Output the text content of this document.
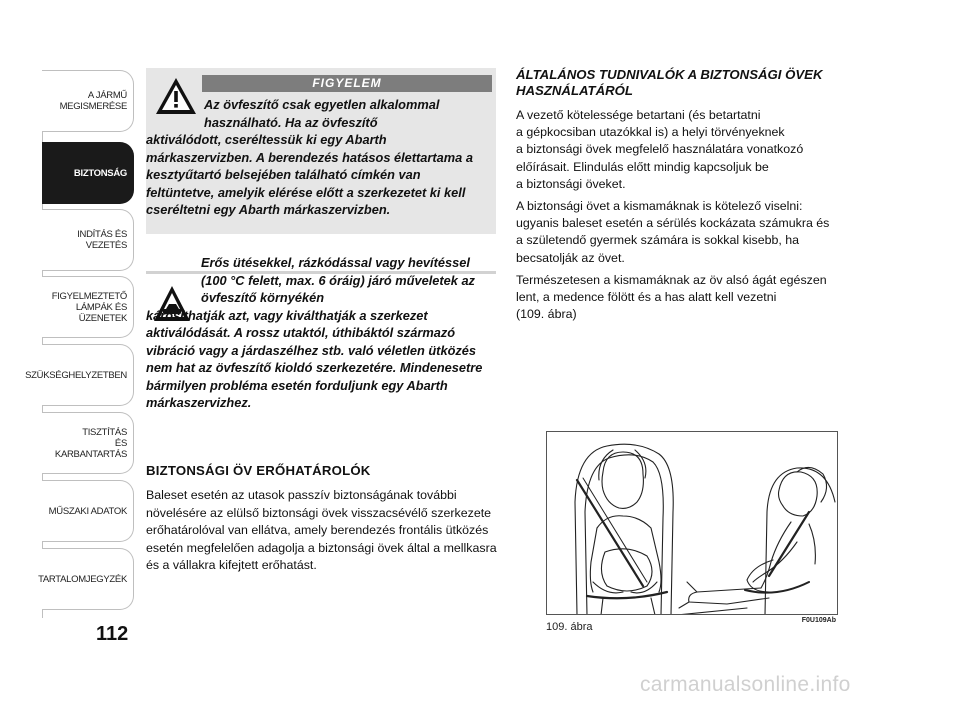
A JÁRMŰ
MEGISMERÉSE
BIZTONSÁG
INDÍTÁS ÉS VEZETÉS
FIGYELMEZTETŐ
LÁMPÁK ÉS
ÜZENETEK
SZÜKSÉGHELYZETBEN
TISZTÍTÁS
ÉS KARBANTARTÁS
MŰSZAKI ADATOK
TARTALOMJEGYZÉK
112
FIGYELEM
Az övfeszítő csak egyetlen alkalommal használható. Ha az övfeszítő
aktiválódott, cseréltessük ki egy Abarth márkaszervizben. A berendezés hatásos élettartama a kesztyűtartó belsejében található címkén van feltüntetve, amelyik elérése előtt a szerkezetet ki kell cseréltetni egy Abarth márkaszervizben.
Erős ütésekkel, rázkódással vagy hevítéssel (100 °C felett, max. 6 óráig) járó műveletek az övfeszítő környékén
károsíthatják azt, vagy kiválthatják a szerkezet aktiválódását. A rossz utaktól, úthibáktól származó vibráció vagy a járdaszélhez stb. való véletlen ütközés nem hat az övfeszítő kioldó szerkezetére. Mindenesetre bármilyen probléma esetén forduljunk egy Abarth márkaszervizhez.
BIZTONSÁGI ÖV ERŐHATÁROLÓK
Baleset esetén az utasok passzív biztonságának további növelésére az elülső biztonsági övek visszacsévélő szerkezete erőhatárolóval van ellátva, amely berendezés frontális ütközés esetén megfelelően adagolja a biztonsági övek által a mellkasra és a vállakra kifejtett erőhatást.
ÁLTALÁNOS TUDNIVALÓK A BIZTONSÁGI ÖVEK HASZNÁLATÁRÓL
A vezető kötelessége betartani (és betartatni
a gépkocsiban utazókkal is) a helyi törvényeknek
a biztonsági övek megfelelő használatára vonatkozó
előírásait. Elindulás előtt mindig kapcsoljuk be
a biztonsági öveket.
A biztonsági övet a kismamáknak is kötelező viselni:
ugyanis baleset esetén a sérülés kockázata számukra és
a születendő gyermek számára is sokkal kisebb, ha
becsatolják az övet.
Természetesen a kismamáknak az öv alsó ágát egészen
lent, a medence fölött és a has alatt kell vezetni
(109. ábra)
F0U109Ab
109. ábra
carmanualsonline.info
